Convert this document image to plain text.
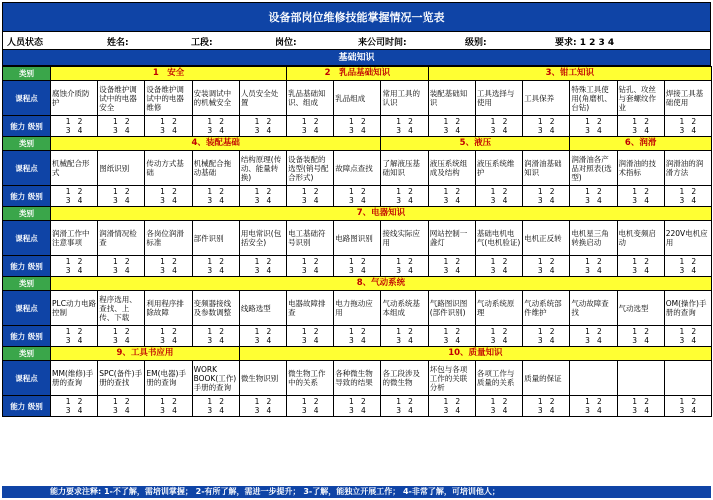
设备部岗位维修技能掌握情况一览表
人员状态	姓名:	工段:	岗位:	来公司时间:	级别:	要求: 1 2 3 4
基础知识
类别	1　安全					2　乳品基础知识			3、钳工知识					
课程点	腐蚀介质防护	设备维护调试中的电器安全	设备维护调试中的电器维修	安装调试中的机械安全	人员安全处置	乳品基础知识、组成	乳品组成	常用工具的认识	装配基础知识	工具选择与使用	工具保养	特殊工具使用(角磨机、台钻)	钻孔、攻丝与套螺纹作业	焊接工具基础使用
能力 级别	1   2
3   4	1   2
3   4	1   2
3   4	1   2
3   4	1   2
3   4	1   2
3   4	1   2
3   4	1   2
3   4	1   2
3   4	1   2
3   4	1   2
3   4	1   2
3   4	1   2
3   4	1   2
3   4
类别	4、装配基础							5、液压				6、润滑		
课程点	机械配合形式	图纸识别	传动方式基础	机械配合拖动基础	结构原理(传动、能量转换)	设备装配的选型(销号配合形式)	故障点查找	了解液压基础知识	液压系统组成及结构	液压系统维护	润滑油基础知识	润滑油各产品对照表(选型)	润滑油的技术指标	润滑油的润滑方法
能力 级别	1   2
3   4	1   2
3   4	1   2
3   4	1   2
3   4	1   2
3   4	1   2
3   4	1   2
3   4	1   2
3   4	1   2
3   4	1   2
3   4	1   2
3   4	1   2
3   4	1   2
3   4	1   2
3   4
类别	7、电器知识													
课程点	润滑工作中注意事项	润滑情况检查	各岗位润滑标准	部件识别	用电常识(包括安全)	电工基础符号识别	电路图识别	接线实际应用	网站控制一盏灯	基础电机电气(电机验证)	电机正反转	电机星三角转换启动	电机变频启动	220V电机应用
能力 级别	1   2
3   4	1   2
3   4	1   2
3   4	1   2
3   4	1   2
3   4	1   2
3   4	1   2
3   4	1   2
3   4	1   2
3   4	1   2
3   4	1   2
3   4	1   2
3   4	1   2
3   4	1   2
3   4
类别	8、气动系统													
课程点	PLC动力电路控制	程序选用、查找、上传、下载	利用程序排除故障	变频器接线及参数调整	线路选型	电器故障排查	电力拖动应用	气动系统基本组成	气路图识图(部件识别)	气动系统原理	气动系统部件维护	气动故障查找	气动选型	OM(操作)手册的查询
能力 级别	1   2
3   4	1   2
3   4	1   2
3   4	1   2
3   4	1   2
3   4	1   2
3   4	1   2
3   4	1   2
3   4	1   2
3   4	1   2
3   4	1   2
3   4	1   2
3   4	1   2
3   4	1   2
3   4
类别	9、工具书应用				10、质量知识									
课程点	MM(维修)手册的查询	SPC(备件)手册的查找	EM(电器)手册的查询	WORK BOOK(工作)手册的查询	微生物识别	微生物工作中的关系	各种微生物导致的结果	各工段涉及的微生物	坏包与各项工作的关联分析	各项工作与质量的关系	质量的保证			
能力 级别	1   2
3   4	1   2
3   4	1   2
3   4	1   2
3   4	1   2
3   4	1   2
3   4	1   2
3   4	1   2
3   4	1   2
3   4	1   2
3   4	1   2
3   4	1   2
3   4	1   2
3   4	1   2
3   4
能力要求注释: 1-不了解，需培训掌握； 2-有所了解，需进一步提升； 3-了解，能独立开展工作； 4-非常了解，可培训他人；
